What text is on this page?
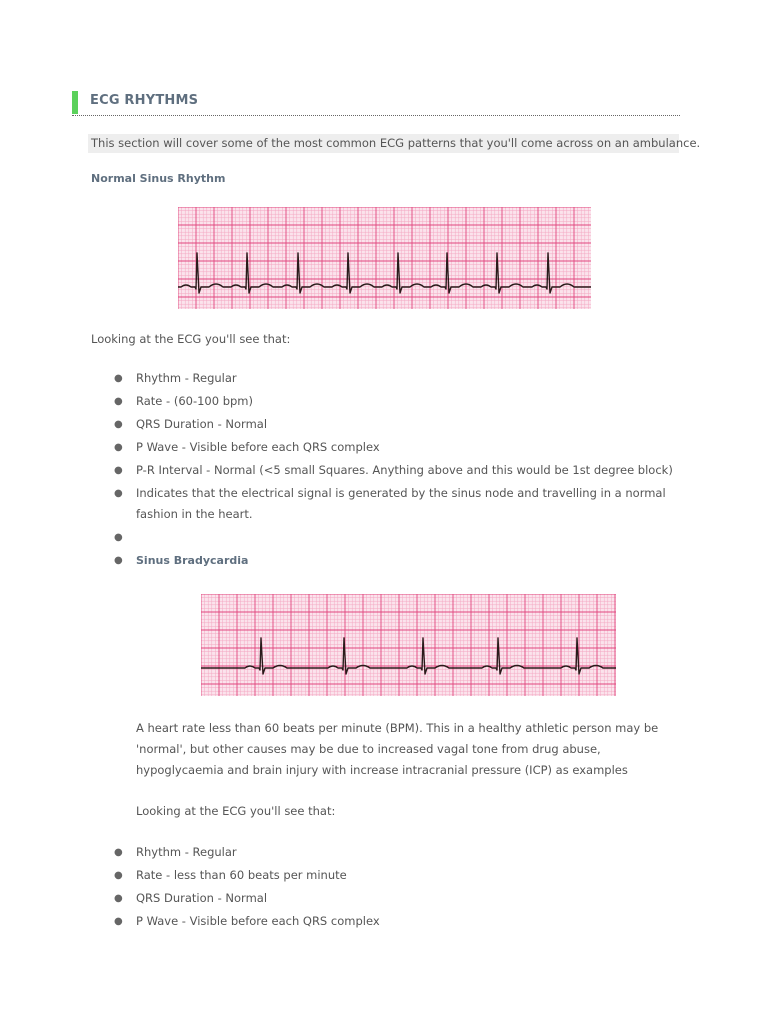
ECG RHYTHMS
This section will cover some of the most common ECG patterns that you'll come across on an ambulance.
Normal Sinus Rhythm
Looking at the ECG you'll see that:
● Rhythm - Regular
● Rate - (60-100 bpm)
● QRS Duration - Normal
● P Wave - Visible before each QRS complex
● P-R Interval - Normal (<5 small Squares. Anything above and this would be 1st degree block)
● Indicates that the electrical signal is generated by the sinus node and travelling in a normal fashion in the heart.
●

● Sinus Bradycardia
A heart rate less than 60 beats per minute (BPM). This in a healthy athletic person may be 'normal', but other causes may be due to increased vagal tone from drug abuse, hypoglycaemia and brain injury with increase intracranial pressure (ICP) as examples
Looking at the ECG you'll see that:
● Rhythm - Regular
● Rate - less than 60 beats per minute
● QRS Duration - Normal
● P Wave - Visible before each QRS complex
